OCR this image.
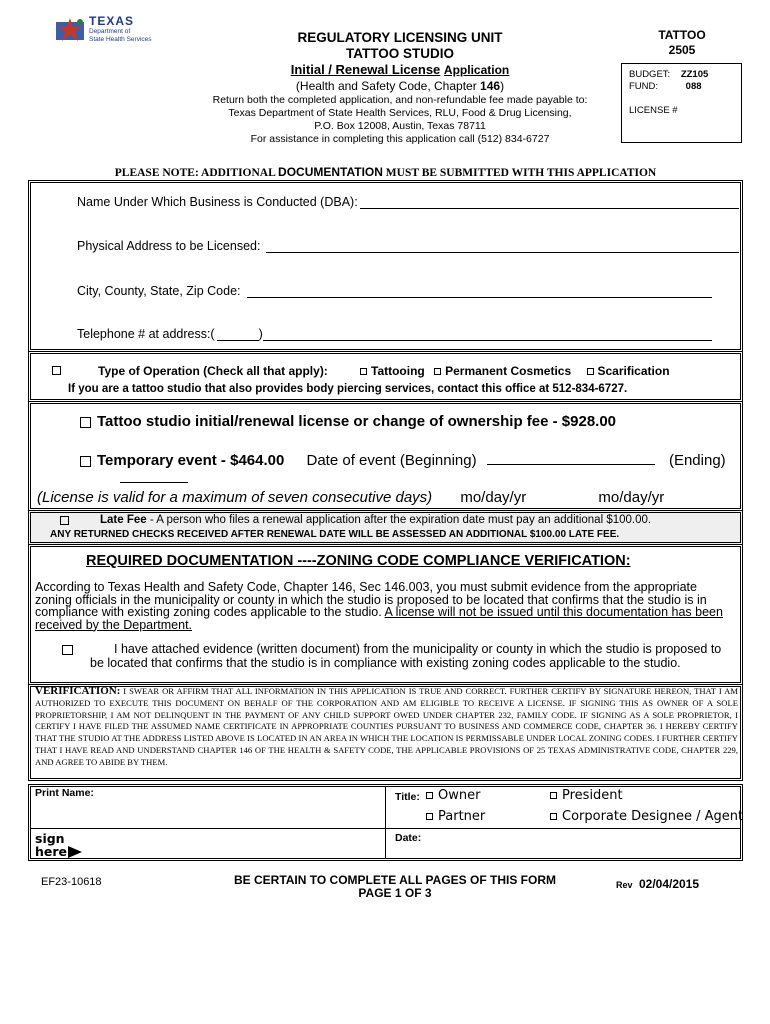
TEXAS
Department of
State Health Services	REGULATORY LICENSING UNIT
TATTOO STUDIO
Initial / Renewal License Application
(Health and Safety Code, Chapter 146)
Return both the completed application, and non-refundable fee made payable to:
Texas Department of State Health Services, RLU, Food & Drug Licensing,
P.O. Box 12008, Austin, Texas 78711
For assistance in completing this application call (512) 834-6727
TATTOO
2505
BUDGET: ZZ105
FUND:	088
LICENSE #
PLEASE NOTE: ADDITIONAL DOCUMENTATION MUST BE SUBMITTED WITH THIS APPLICATION
Name Under Which Business is Conducted (DBA):
Physical Address to be Licensed:
City, County, State, Zip Code:
Telephone # at address:(	)
Type of Operation (Check all that apply):	Tattooing Permanent Cosmetics Scarification
If you are a tattoo studio that also provides body piercing services, contact this office at 512-834-6727.
Tattoo studio initial/renewal license or change of ownership fee - $928.00
Temporary event - $464.00 Date of event (Beginning)	(Ending)
(License is valid for a maximum of seven consecutive days) mo/day/yr	mo/day/yr
Late Fee - A person who files a renewal application after the expiration date must pay an additional $100.00.
ANY RETURNED CHECKS RECEIVED AFTER RENEWAL DATE WILL BE ASSESSED AN ADDITIONAL $100.00 LATE FEE.
REQUIRED DOCUMENTATION ----ZONING CODE COMPLIANCE VERIFICATION:
According to Texas Health and Safety Code, Chapter 146, Sec 146.003, you must submit evidence from the appropriate zoning officials in the municipality or county in which the studio is proposed to be located that confirms that the studio is in compliance with existing zoning codes applicable to the studio. A license will not be issued until this documentation has been received by the Department.
I have attached evidence (written document) from the municipality or county in which the studio is proposed to be located that confirms that the studio is in compliance with existing zoning codes applicable to the studio.
VERIFICATION: I SWEAR OR AFFIRM THAT ALL INFORMATION IN THIS APPLICATION IS TRUE AND CORRECT. FURTHER CERTIFY BY SIGNATURE HEREON, THAT I AM AUTHORIZED TO EXECUTE THIS DOCUMENT ON BEHALF OF THE CORPORATION AND AM ELIGIBLE TO RECEIVE A LICENSE. IF SIGNING THIS AS OWNER OF A SOLE PROPRIETORSHIP, I AM NOT DELINQUENT IN THE PAYMENT OF ANY CHILD SUPPORT OWED UNDER CHAPTER 232, FAMILY CODE. IF SIGNING AS A SOLE PROPRIETOR, I CERTIFY I HAVE FILED THE ASSUMED NAME CERTIFICATE IN APPROPRIATE COUNTIES PURSUANT TO BUSINESS AND COMMERCE CODE, CHAPTER 36. I HEREBY CERTIFY THAT THE STUDIO AT THE ADDRESS LISTED ABOVE IS LOCATED IN AN AREA IN WHICH THE LOCATION IS PERMISSABLE UNDER LOCAL ZONING CODES. I FURTHER CERTIFY THAT I HAVE READ AND UNDERSTAND CHAPTER 146 OF THE HEALTH & SAFETY CODE, THE APPLICABLE PROVISIONS OF 25 TEXAS ADMINISTRATIVE CODE, CHAPTER 229, AND AGREE TO ABIDE BY THEM.
Print Name:	Title:	Owner	President
Partner	Corporate Designee / Agent
sign
here
Date:
EF23-10618	BE CERTAIN TO COMPLETE ALL PAGES OF THIS FORM
PAGE 1 OF 3
Rev 02/04/2015
